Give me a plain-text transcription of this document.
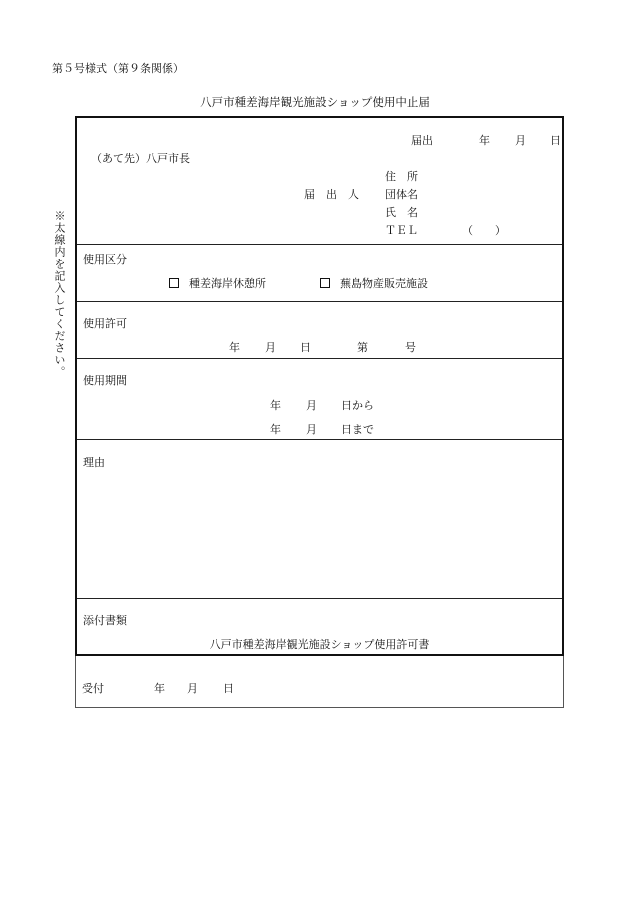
第５号様式（第９条関係）
八戸市種差海岸観光施設ショップ使用中止届
※太線内を記入してください。
届出	年 月 日
（あて先）八戸市長
住　所
届　出　人 団体名
氏　名
ＴＥＬ	（　　）
使用区分
種差海岸休憩所	蕪島物産販売施設
使用許可
年 月 日	第	号
使用期間
年 月 日から
年 月 日まで
理由
添付書類
八戸市種差海岸観光施設ショップ使用許可書
受付	年 月 日
